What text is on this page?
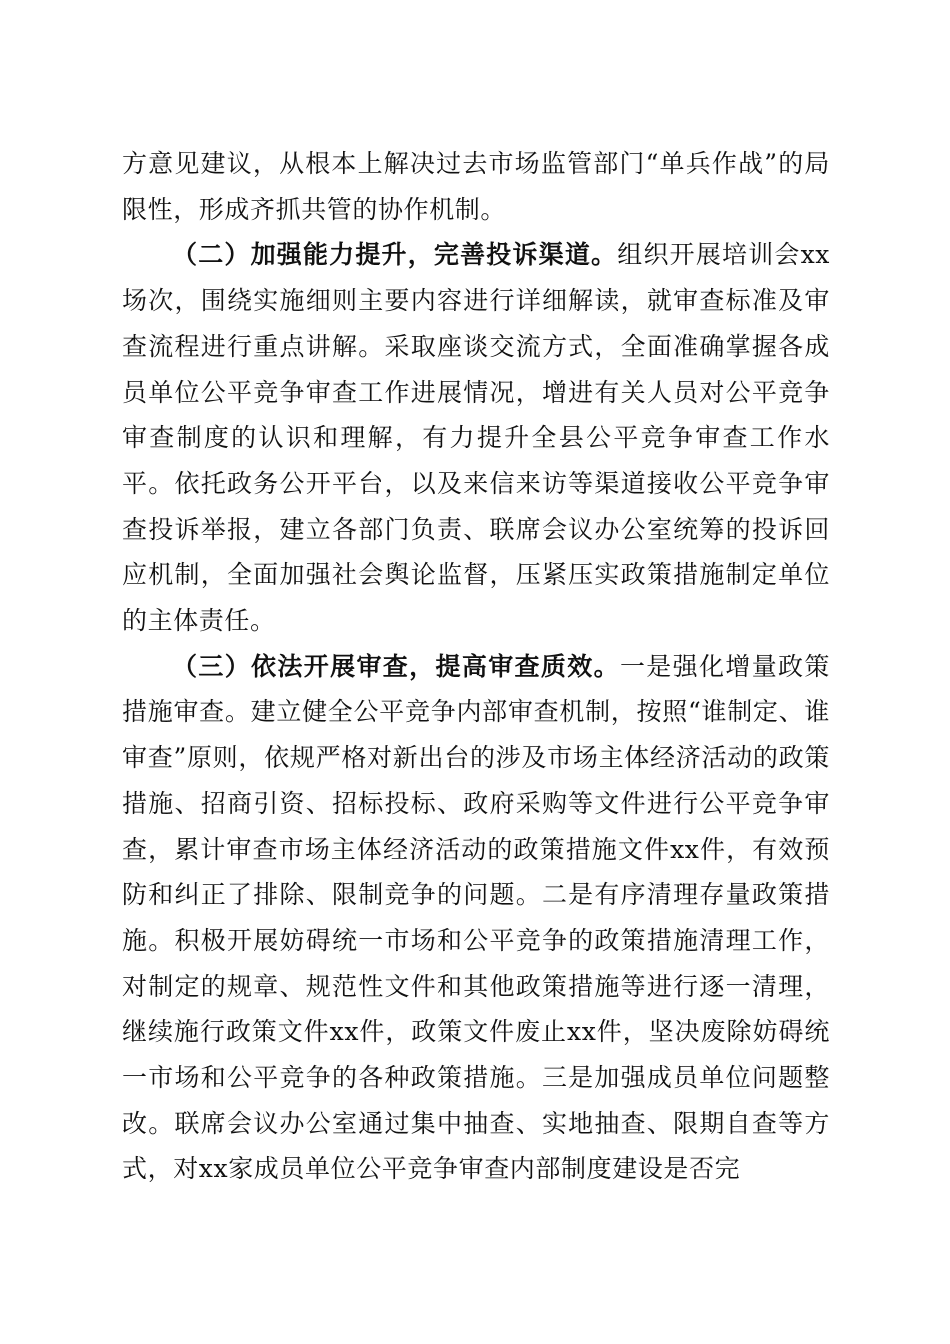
方意见建议，从根本上解决过去市场监管部门“单兵作战”的局限性，形成齐抓共管的协作机制。

（二）加强能力提升，完善投诉渠道。组织开展培训会xx场次，围绕实施细则主要内容进行详细解读，就审查标准及审查流程进行重点讲解。采取座谈交流方式，全面准确掌握各成员单位公平竞争审查工作进展情况，增进有关人员对公平竞争审查制度的认识和理解，有力提升全县公平竞争审查工作水平。依托政务公开平台，以及来信来访等渠道接收公平竞争审查投诉举报，建立各部门负责、联席会议办公室统筹的投诉回应机制，全面加强社会舆论监督，压紧压实政策措施制定单位的主体责任。

（三）依法开展审查，提高审查质效。一是强化增量政策措施审查。建立健全公平竞争内部审查机制，按照“谁制定、谁审查”原则，依规严格对新出台的涉及市场主体经济活动的政策措施、招商引资、招标投标、政府采购等文件进行公平竞争审查，累计审查市场主体经济活动的政策措施文件xx件，有效预防和纠正了排除、限制竞争的问题。二是有序清理存量政策措施。积极开展妨碍统一市场和公平竞争的政策措施清理工作，对制定的规章、规范性文件和其他政策措施等进行逐一清理，继续施行政策文件xx件，政策文件废止xx件，坚决废除妨碍统一市场和公平竞争的各种政策措施。三是加强成员单位问题整改。联席会议办公室通过集中抽查、实地抽查、限期自查等方式，对xx家成员单位公平竞争审查内部制度建设是否完
